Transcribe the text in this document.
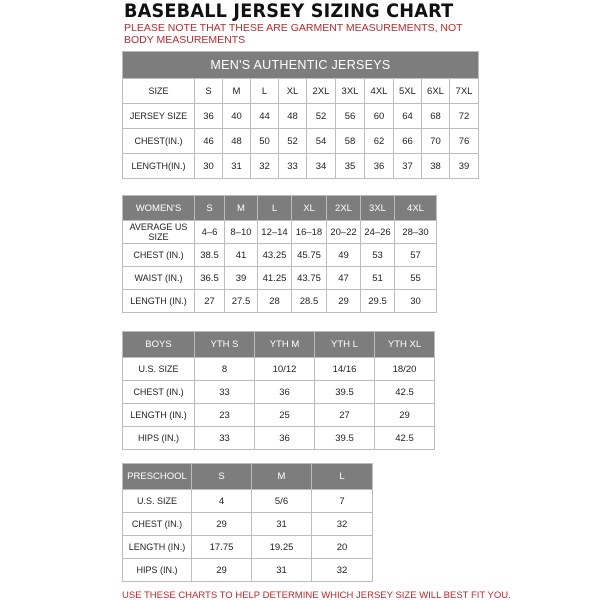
BASEBALL JERSEY SIZING CHART
PLEASE NOTE THAT THESE ARE GARMENT MEASUREMENTS, NOT BODY MEASUREMENTS
MEN'S AUTHENTIC JERSEYS										
SIZE	S	M	L	XL	2XL	3XL	4XL	5XL	6XL	7XL
JERSEY SIZE	36	40	44	48	52	56	60	64	68	72
CHEST(IN.)	46	48	50	52	54	58	62	66	70	76
LENGTH(IN.)	30	31	32	33	34	35	36	37	38	39
WOMEN'S	S	M	L	XL	2XL	3XL	4XL
AVERAGE US SIZE	4–6	8–10	12–14	16–18	20–22	24–26	28–30
CHEST (IN.)	38.5	41	43.25	45.75	49	53	57
WAIST (IN.)	36.5	39	41.25	43.75	47	51	55
LENGTH (IN.)	27	27.5	28	28.5	29	29.5	30
BOYS	YTH S	YTH M	YTH L	YTH XL
U.S. SIZE	8	10/12	14/16	18/20
CHEST (IN.)	33	36	39.5	42.5
LENGTH (IN.)	23	25	27	29
HIPS (IN.)	33	36	39.5	42.5
PRESCHOOL	S	M	L
U.S. SIZE	4	5/6	7
CHEST (IN.)	29	31	32
LENGTH (IN.)	17.75	19.25	20
HIPS (IN.)	29	31	32
USE THESE CHARTS TO HELP DETERMINE WHICH JERSEY SIZE WILL BEST FIT YOU.
